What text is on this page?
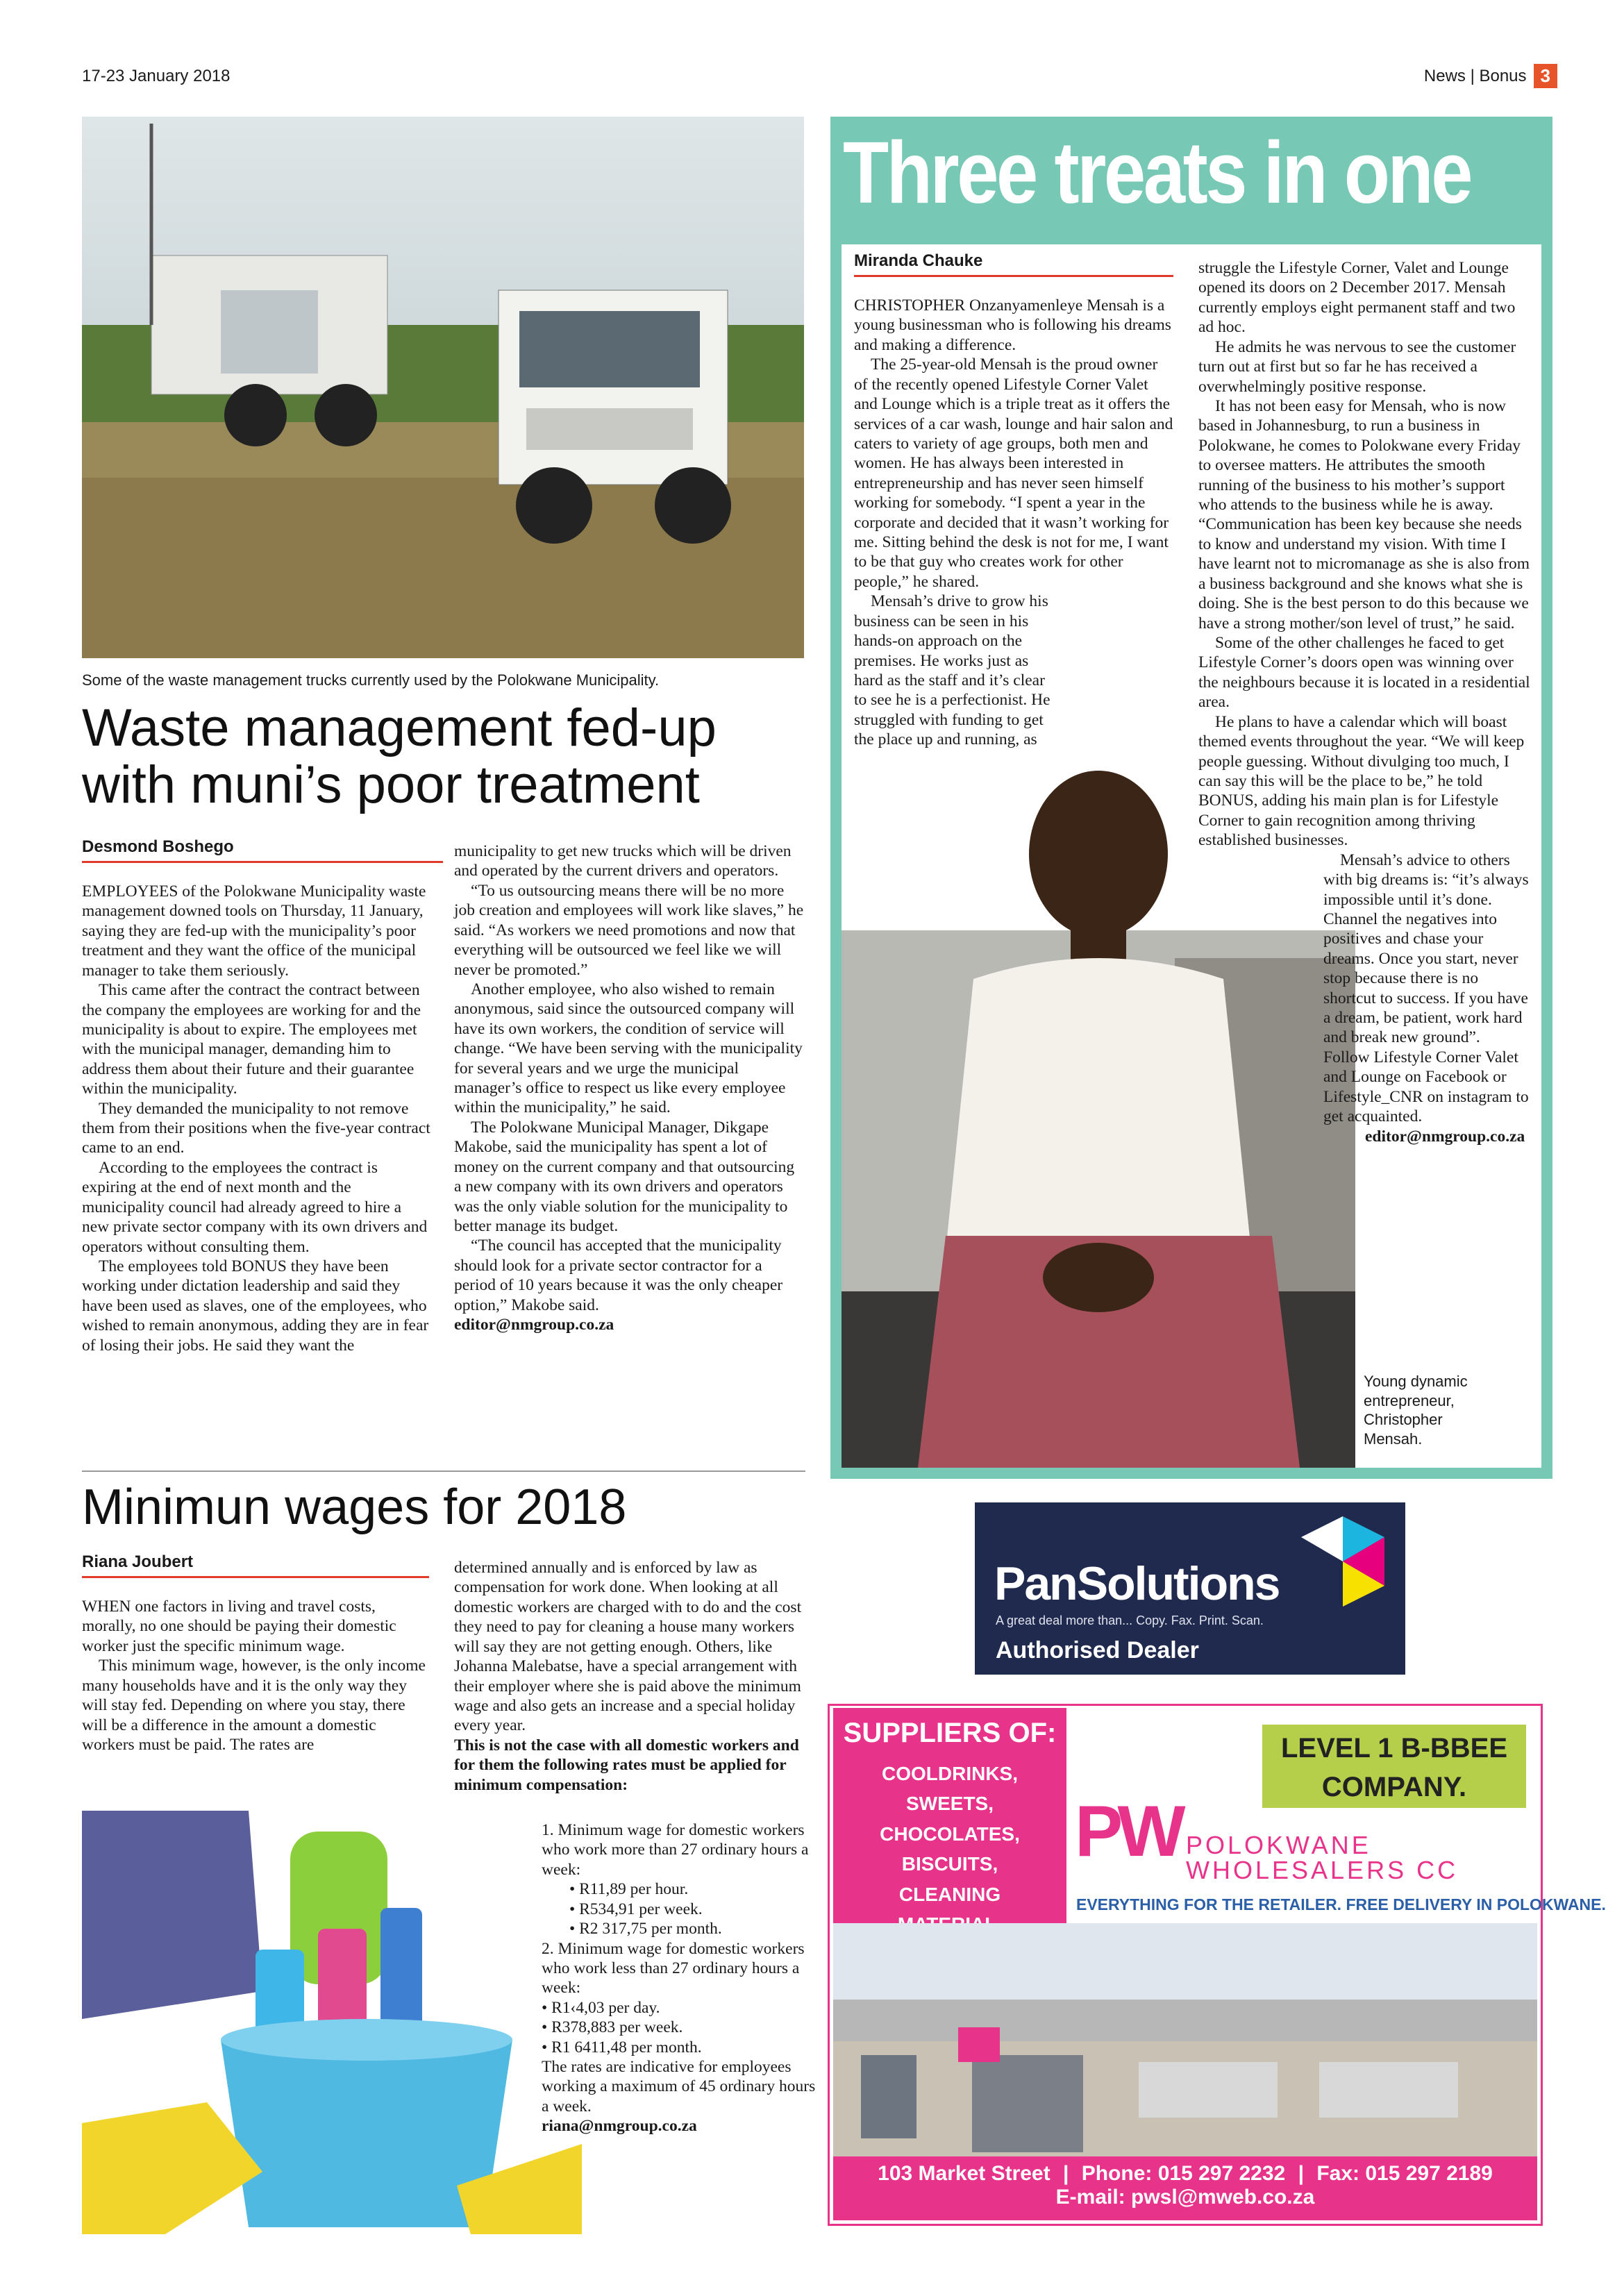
17-23 January 2018	News | Bonus 3
Some of the waste management trucks currently used by the Polokwane Municipality.
Waste management fed-up with muni’s poor treatment
Desmond Boshego

EMPLOYEES of the Polokwane Municipality waste management downed tools on Thursday, 11 January, saying they are fed-up with the municipality’s poor treatment and they want the office of the municipal manager to take them seriously.

This came after the contract the contract between the company the employees are working for and the municipality is about to expire. The employees met with the municipal manager, demanding him to address them about their future and their guarantee within the municipality.

They demanded the municipality to not remove them from their positions when the five-year contract came to an end.

According to the employees the contract is expiring at the end of next month and the municipality council had already agreed to hire a new private sector company with its own drivers and operators without consulting them.

The employees told BONUS they have been working under dictation leadership and said they have been used as slaves, one of the employees, who wished to remain anonymous, adding they are in fear of losing their jobs. He said they want the

municipality to get new trucks which will be driven and operated by the current drivers and operators.

“To us outsourcing means there will be no more job creation and employees will work like slaves,” he said. “As workers we need promotions and now that everything will be outsourced we feel like we will never be promoted.”

Another employee, who also wished to remain anonymous, said since the outsourced company will have its own workers, the condition of service will change. “We have been serving with the municipality for several years and we urge the municipal manager’s office to respect us like every employee within the municipality,” he said.

The Polokwane Municipal Manager, Dikgape Makobe, said the municipality has spent a lot of money on the current company and that outsourcing a new company with its own drivers and operators was the only viable solution for the municipality to better manage its budget.

“The council has accepted that the municipality should look for a private sector contractor for a period of 10 years because it was the only cheaper option,” Makobe said.

editor@nmgroup.co.za

Three treats in one
Miranda Chauke

CHRISTOPHER Onzanyamenleye Mensah is a young businessman who is following his dreams and making a difference.

The 25-year-old Mensah is the proud owner of the recently opened Lifestyle Corner Valet and Lounge which is a triple treat as it offers the services of a car wash, lounge and hair salon and caters to variety of age groups, both men and women. He has always been interested in entrepreneurship and has never seen himself working for somebody. “I spent a year in the corporate and decided that it wasn’t working for me. Sitting behind the desk is not for me, I want to be that guy who creates work for other people,” he shared.

Mensah’s drive to grow his business can be seen in his hands-on approach on the premises. He works just as hard as the staff and it’s clear to see he is a perfectionist. He struggled with funding to get the place up and running, as

struggle the Lifestyle Corner, Valet and Lounge opened its doors on 2 December 2017. Mensah currently employs eight permanent staff and two ad hoc.

He admits he was nervous to see the customer turn out at first but so far he has received a overwhelmingly positive response.

It has not been easy for Mensah, who is now based in Johannesburg, to run a business in Polokwane, he comes to Polokwane every Friday to oversee matters. He attributes the smooth running of the business to his mother’s support who attends to the business while he is away. “Communication has been key because she needs to know and understand my vision. With time I have learnt not to micromanage as she is also from a business background and she knows what she is doing. She is the best person to do this because we have a strong mother/son level of trust,” he said.

Some of the other challenges he faced to get Lifestyle Corner’s doors open was winning over the neighbours because it is located in a residential area.

He plans to have a calendar which will boast themed events throughout the year. “We will keep people guessing. Without divulging too much, I can say this will be the place to be,” he told BONUS, adding his main plan is for Lifestyle Corner to gain recognition among thriving established businesses.

Mensah’s advice to others with big dreams is: “it’s always impossible until it’s done. Channel the negatives into positives and chase your dreams. Once you start, never stop because there is no shortcut to success. If you have a dream, be patient, work hard and break new ground”. Follow Lifestyle Corner Valet and Lounge on Facebook or Lifestyle_CNR on instagram to get acquainted.

editor@nmgroup.co.za

Young dynamic entrepreneur, Christopher Mensah.
Minimun wages for 2018
Riana Joubert

WHEN one factors in living and travel costs, morally, no one should be paying their domestic worker just the specific minimum wage.

This minimum wage, however, is the only income many households have and it is the only way they will stay fed. Depending on where you stay, there will be a difference in the amount a domestic workers must be paid. The rates are

determined annually and is enforced by law as compensation for work done. When looking at all domestic workers are charged with to do and the cost they need to pay for cleaning a house many workers will say they are not getting enough. Others, like Johanna Malebatse, have a special arrangement with their employer where she is paid above the minimum wage and also gets an increase and a special holiday every year.

This is not the case with all domestic workers and for them the following rates must be applied for minimum compensation:

1. Minimum wage for domestic workers who work more than 27 ordinary hours a week:

• R11,89 per hour.
• R534,91 per week.
• R2 317,75 per month.

2. Minimum wage for domestic workers who work less than 27 ordinary hours a week:

• R1‹4,03 per day.
• R378,883 per week.
• R1 6411,48 per month.

The rates are indicative for employees working a maximum of 45 ordinary hours a week.

riana@nmgroup.co.za

PanSolutions
A great deal more than... Copy. Fax. Print. Scan.
Authorised Dealer
SUPPLIERS OF:
COOLDRINKS, SWEETS, CHOCOLATES, BISCUITS, CLEANING
LEVEL 1 B-BBEE COMPANY.
PW POLOKWANE
WHOLESALERS CC
EVERYTHING FOR THE RETAILER. FREE DELIVERY IN POLOKWANE.
103 Market Street | Phone: 015 297 2232 | Fax: 015 297 2189
E-mail: pwsl@mweb.co.za
